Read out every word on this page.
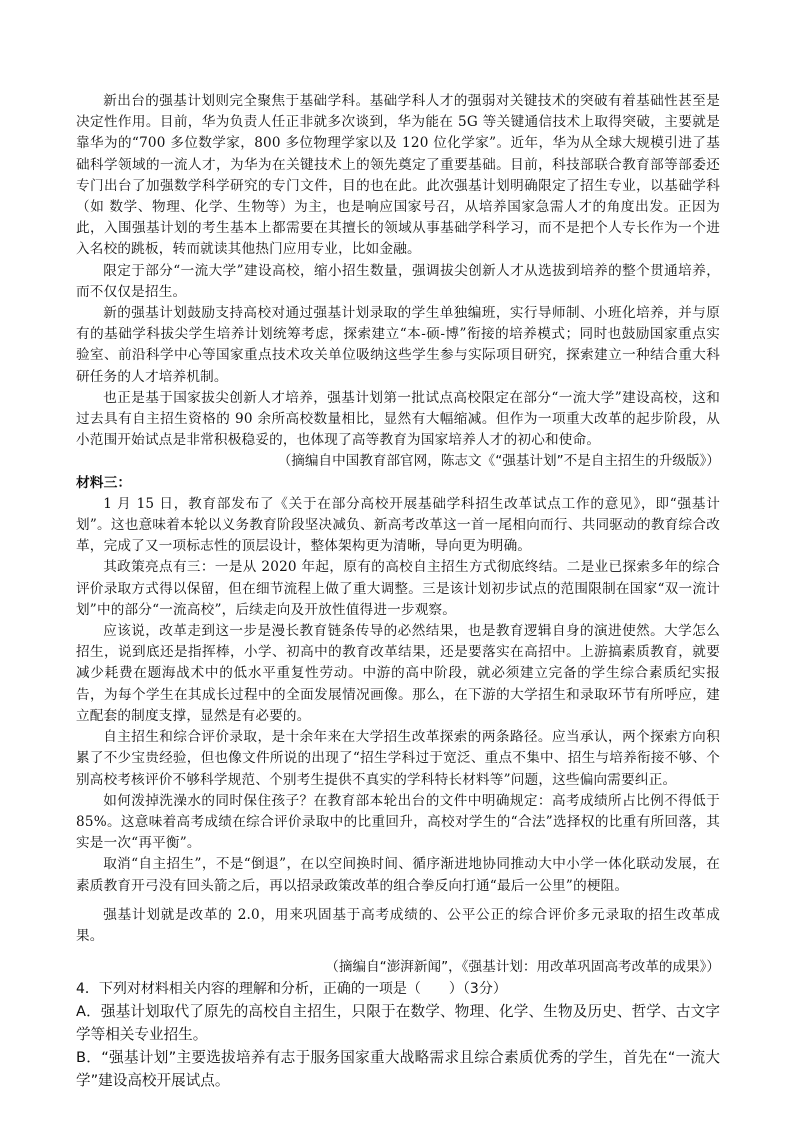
新出台的强基计划则完全聚焦于基础学科。基础学科人才的强弱对关键技术的突破有着基础性甚至是决定性作用。目前，华为负责人任正非就多次谈到，华为能在 5G 等关键通信技术上取得突破，主要就是靠华为的“700 多位数学家，800 多位物理学家以及 120 位化学家”。近年，华为从全球大规模引进了基础科学领域的一流人才，为华为在关键技术上的领先奠定了重要基础。目前，科技部联合教育部等部委还专门出台了加强数学科学研究的专门文件，目的也在此。此次强基计划明确限定了招生专业，以基础学科（如 数学、物理、化学、生物等）为主，也是响应国家号召，从培养国家急需人才的角度出发。正因为此，入围强基计划的考生基本上都需要在其擅长的领域从事基础学科学习，而不是把个人专长作为一个进入名校的跳板，转而就读其他热门应用专业，比如金融。

限定于部分“一流大学”建设高校，缩小招生数量，强调拔尖创新人才从选拔到培养的整个贯通培养，而不仅仅是招生。

新的强基计划鼓励支持高校对通过强基计划录取的学生单独编班，实行导师制、小班化培养，并与原有的基础学科拔尖学生培养计划统筹考虑，探索建立“本-硕-博”衔接的培养模式；同时也鼓励国家重点实验室、前沿科学中心等国家重点技术攻关单位吸纳这些学生参与实际项目研究，探索建立一种结合重大科研任务的人才培养机制。

也正是基于国家拔尖创新人才培养，强基计划第一批试点高校限定在部分“一流大学”建设高校，这和过去具有自主招生资格的 90 余所高校数量相比，显然有大幅缩减。但作为一项重大改革的起步阶段，从小范围开始试点是非常积极稳妥的，也体现了高等教育为国家培养人才的初心和使命。

（摘编自中国教育部官网，陈志文《“强基计划”不是自主招生的升级版》）

材料三：

1 月 15 日，教育部发布了《关于在部分高校开展基础学科招生改革试点工作的意见》，即“强基计划”。这也意味着本轮以义务教育阶段坚决减负、新高考改革这一首一尾相向而行、共同驱动的教育综合改革，完成了又一项标志性的顶层设计，整体架构更为清晰，导向更为明确。

其政策亮点有三：一是从 2020 年起，原有的高校自主招生方式彻底终结。二是业已探索多年的综合评价录取方式得以保留，但在细节流程上做了重大调整。三是该计划初步试点的范围限制在国家“双一流计 划”中的部分“一流高校”，后续走向及开放性值得进一步观察。

应该说，改革走到这一步是漫长教育链条传导的必然结果，也是教育逻辑自身的演进使然。大学怎么招生，说到底还是指挥棒，小学、初高中的教育改革结果，还是要落实在高招中。上游搞素质教育，就要减少耗费在题海战术中的低水平重复性劳动。中游的高中阶段，就必须建立完备的学生综合素质纪实报告，为每个学生在其成长过程中的全面发展情况画像。那么，在下游的大学招生和录取环节有所呼应，建立配套的制度支撑，显然是有必要的。

自主招生和综合评价录取，是十余年来在大学招生改革探索的两条路径。应当承认，两个探索方向积累了不少宝贵经验，但也像文件所说的出现了“招生学科过于宽泛、重点不集中、招生与培养衔接不够、个别高校考核评价不够科学规范、个别考生提供不真实的学科特长材料等”问题，这些偏向需要纠正。

如何泼掉洗澡水的同时保住孩子？在教育部本轮出台的文件中明确规定：高考成绩所占比例不得低于 85%。这意味着高考成绩在综合评价录取中的比重回升，高校对学生的“合法”选择权的比重有所回落，其实是一次“再平衡”。

取消“自主招生”，不是“倒退”，在以空间换时间、循序渐进地协同推动大中小学一体化联动发展，在素质教育开弓没有回头箭之后，再以招录政策改革的组合拳反向打通“最后一公里”的梗阻。

强基计划就是改革的 2.0，用来巩固基于高考成绩的、公平公正的综合评价多元录取的招生改革成果。

（摘编自“澎湃新闻”，《强基计划：用改革巩固高考改革的成果》）

4．下列对材料相关内容的理解和分析，正确的一项是（　　）（3分）

A．强基计划取代了原先的高校自主招生，只限于在数学、物理、化学、生物及历史、哲学、古文字学等相关专业招生。

B．“强基计划”主要选拔培养有志于服务国家重大战略需求且综合素质优秀的学生，首先在“一流大学”建设高校开展试点。
